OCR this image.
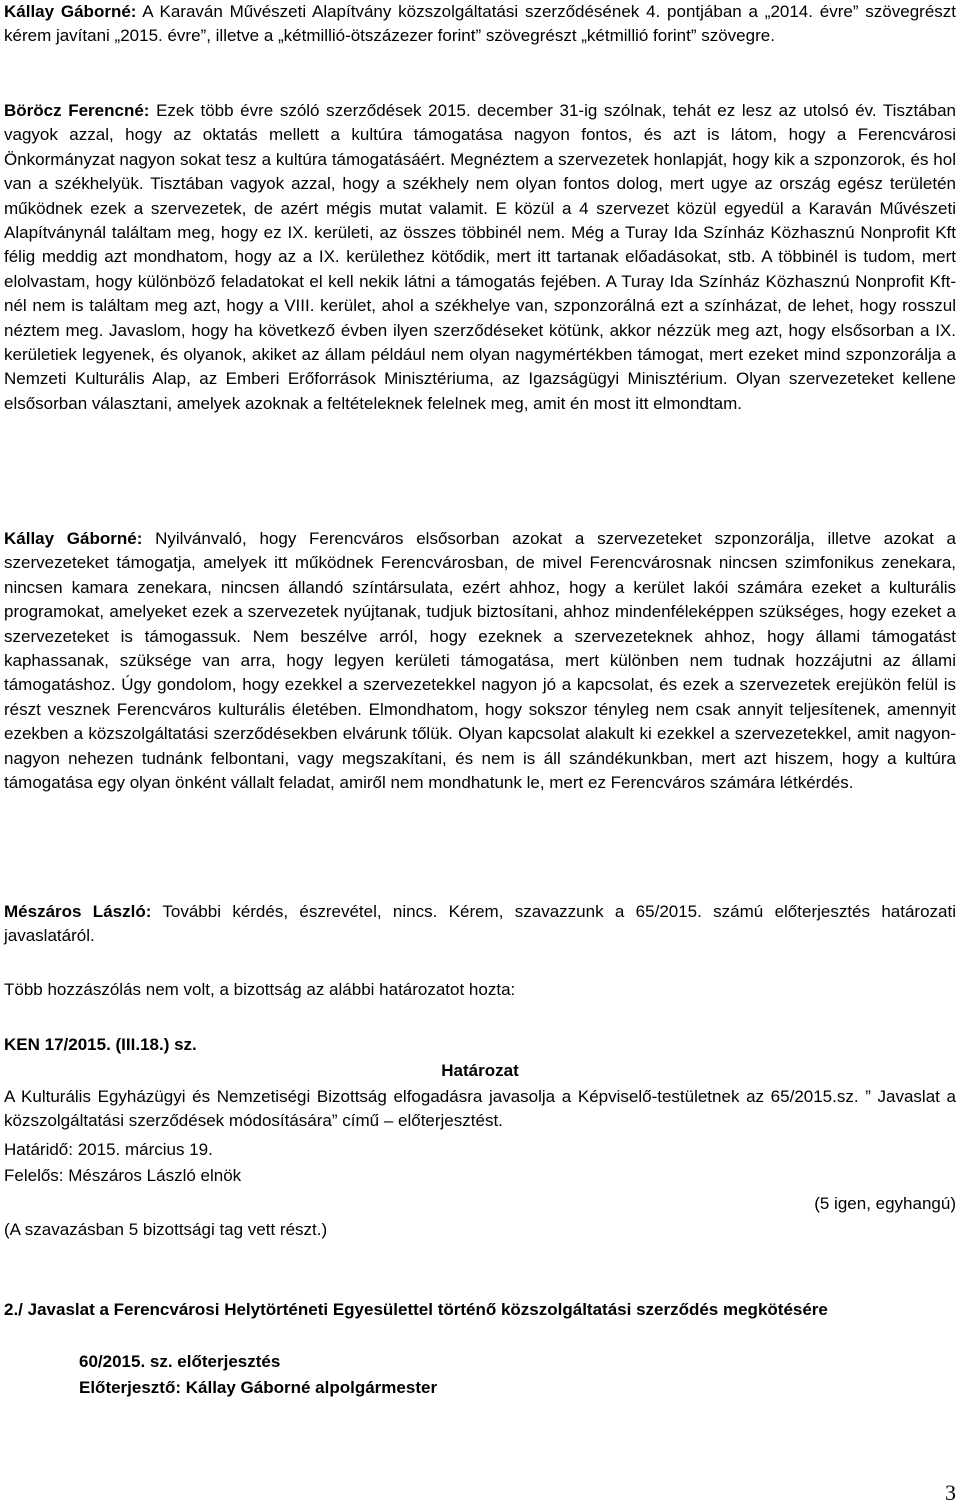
Kállay Gáborné: A Karaván Művészeti Alapítvány közszolgáltatási szerződésének 4. pontjában a „2014. évre” szövegrészt kérem javítani „2015. évre”, illetve a „kétmillió-ötszázezer forint” szövegrészt „kétmillió forint” szövegre.

Böröcz Ferencné: Ezek több évre szóló szerződések 2015. december 31-ig szólnak, tehát ez lesz az utolsó év. Tisztában vagyok azzal, hogy az oktatás mellett a kultúra támogatása nagyon fontos, és azt is látom, hogy a Ferencvárosi Önkormányzat nagyon sokat tesz a kultúra támogatásáért. Megnéztem a szervezetek honlapját, hogy kik a szponzorok, és hol van a székhelyük. Tisztában vagyok azzal, hogy a székhely nem olyan fontos dolog, mert ugye az ország egész területén működnek ezek a szervezetek, de azért mégis mutat valamit. E közül a 4 szervezet közül egyedül a Karaván Művészeti Alapítványnál találtam meg, hogy ez IX. kerületi, az összes többinél nem. Még a Turay Ida Színház Közhasznú Nonprofit Kft félig meddig azt mondhatom, hogy az a IX. kerülethez kötődik, mert itt tartanak előadásokat, stb. A többinél is tudom, mert elolvastam, hogy különböző feladatokat el kell nekik látni a támogatás fejében. A Turay Ida Színház Közhasznú Nonprofit Kft-nél nem is találtam meg azt, hogy a VIII. kerület, ahol a székhelye van, szponzorálná ezt a színházat, de lehet, hogy rosszul néztem meg. Javaslom, hogy ha következő évben ilyen szerződéseket kötünk, akkor nézzük meg azt, hogy elsősorban a IX. kerületiek legyenek, és olyanok, akiket az állam például nem olyan nagymértékben támogat, mert ezeket mind szponzorálja a Nemzeti Kulturális Alap, az Emberi Erőforrások Minisztériuma, az Igazságügyi Minisztérium. Olyan szervezeteket kellene elsősorban választani, amelyek azoknak a feltételeknek felelnek meg, amit én most itt elmondtam.

Kállay Gáborné: Nyilvánvaló, hogy Ferencváros elsősorban azokat a szervezeteket szponzorálja, illetve azokat a szervezeteket támogatja, amelyek itt működnek Ferencvárosban, de mivel Ferencvárosnak nincsen szimfonikus zenekara, nincsen kamara zenekara, nincsen állandó színtársulata, ezért ahhoz, hogy a kerület lakói számára ezeket a kulturális programokat, amelyeket ezek a szervezetek nyújtanak, tudjuk biztosítani, ahhoz mindenféleképpen szükséges, hogy ezeket a szervezeteket is támogassuk. Nem beszélve arról, hogy ezeknek a szervezeteknek ahhoz, hogy állami támogatást kaphassanak, szüksége van arra, hogy legyen kerületi támogatása, mert különben nem tudnak hozzájutni az állami támogatáshoz. Úgy gondolom, hogy ezekkel a szervezetekkel nagyon jó a kapcsolat, és ezek a szervezetek erejükön felül is részt vesznek Ferencváros kulturális életében. Elmondhatom, hogy sokszor tényleg nem csak annyit teljesítenek, amennyit ezekben a közszolgáltatási szerződésekben elvárunk tőlük. Olyan kapcsolat alakult ki ezekkel a szervezetekkel, amit nagyon-nagyon nehezen tudnánk felbontani, vagy megszakítani, és nem is áll szándékunkban, mert azt hiszem, hogy a kultúra támogatása egy olyan önként vállalt feladat, amiről nem mondhatunk le, mert ez Ferencváros számára létkérdés.

Mészáros László: További kérdés, észrevétel, nincs. Kérem, szavazzunk a 65/2015. számú előterjesztés határozati javaslatáról.

Több hozzászólás nem volt, a bizottság az alábbi határozatot hozta:

KEN 17/2015. (III.18.) sz.

Határozat

A Kulturális Egyházügyi és Nemzetiségi Bizottság elfogadásra javasolja a Képviselő-testületnek az 65/2015.sz. ” Javaslat a közszolgáltatási szerződések módosítására” című – előterjesztést.

Határidő: 2015. március 19.

Felelős: Mészáros László elnök

(5 igen, egyhangú)

(A szavazásban 5 bizottsági tag vett részt.)

2./ Javaslat a Ferencvárosi Helytörténeti Egyesülettel történő közszolgáltatási szerződés megkötésére

60/2015. sz. előterjesztés

Előterjesztő: Kállay Gáborné alpolgármester

3
